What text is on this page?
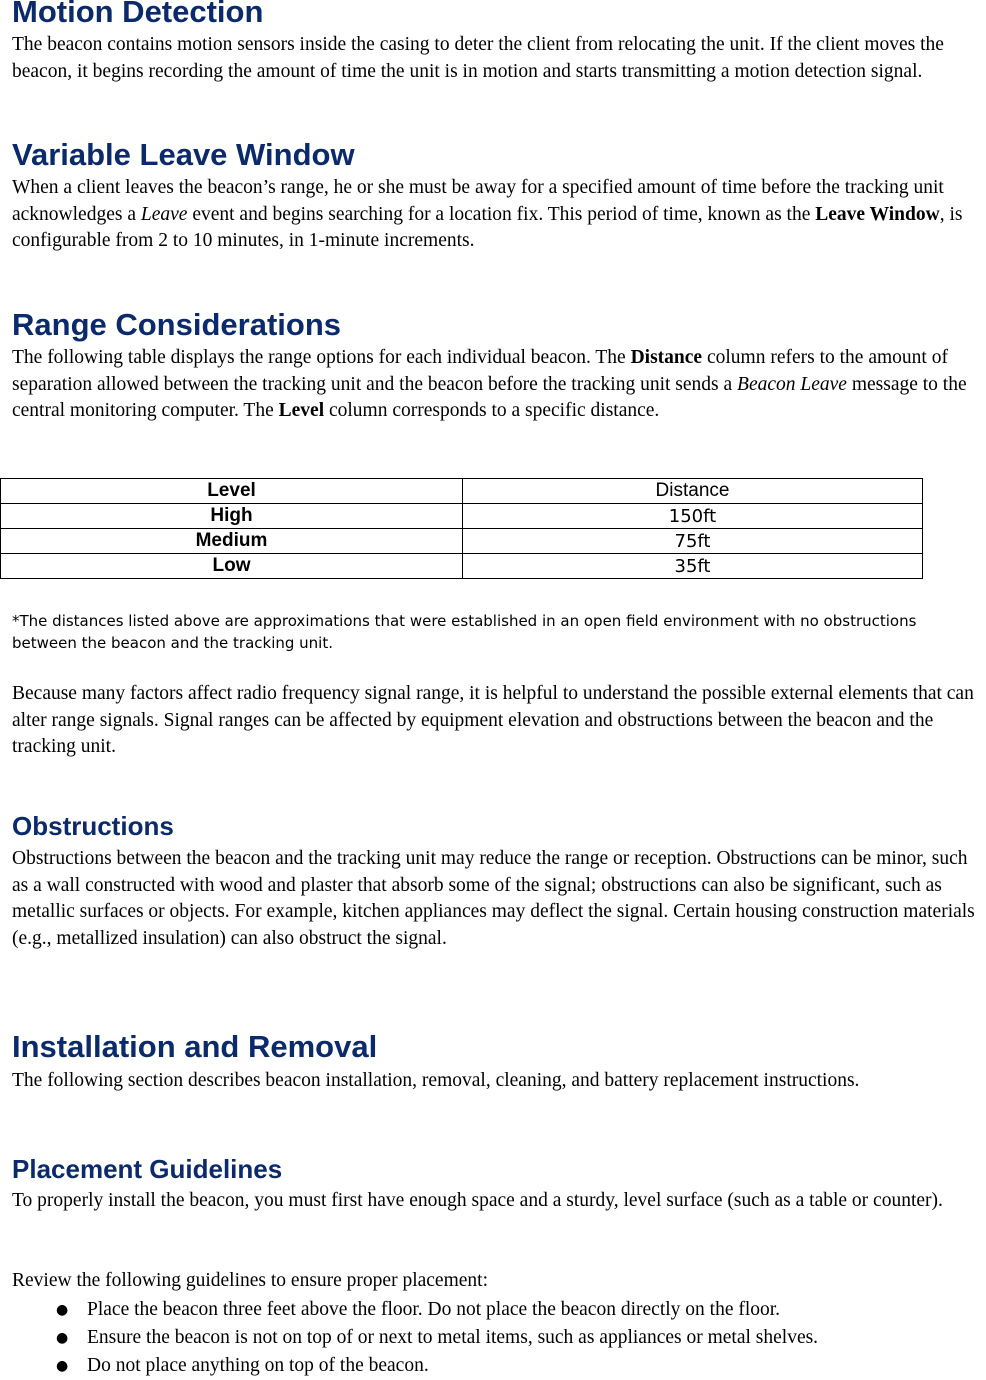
Motion Detection

The beacon contains motion sensors inside the casing to deter the client from relocating the unit. If the client moves the beacon, it begins recording the amount of time the unit is in motion and starts transmitting a motion detection signal.

Variable Leave Window

When a client leaves the beacon’s range, he or she must be away for a specified amount of time before the tracking unit acknowledges a Leave event and begins searching for a location fix. This period of time, known as the Leave Window, is configurable from 2 to 10 minutes, in 1-minute increments.

Range Considerations

The following table displays the range options for each individual beacon. The Distance column refers to the amount of separation allowed between the tracking unit and the beacon before the tracking unit sends a Beacon Leave message to the central monitoring computer. The Level column corresponds to a specific distance.

Level	Distance
High	150ft
Medium	75ft
Low	35ft
*The distances listed above are approximations that were established in an open field environment with no obstructions between the beacon and the tracking unit.

Because many factors affect radio frequency signal range, it is helpful to understand the possible external elements that can alter range signals. Signal ranges can be affected by equipment elevation and obstructions between the beacon and the tracking unit.

Obstructions

Obstructions between the beacon and the tracking unit may reduce the range or reception. Obstructions can be minor, such as a wall constructed with wood and plaster that absorb some of the signal; obstructions can also be significant, such as metallic surfaces or objects. For example, kitchen appliances may deflect the signal. Certain housing construction materials (e.g., metallized insulation) can also obstruct the signal.

Installation and Removal

The following section describes beacon installation, removal, cleaning, and battery replacement instructions.

Placement Guidelines

To properly install the beacon, you must first have enough space and a sturdy, level surface (such as a table or counter).

Review the following guidelines to ensure proper placement:

● Place the beacon three feet above the floor. Do not place the beacon directly on the floor.
● Ensure the beacon is not on top of or next to metal items, such as appliances or metal shelves.
● Do not place anything on top of the beacon.
